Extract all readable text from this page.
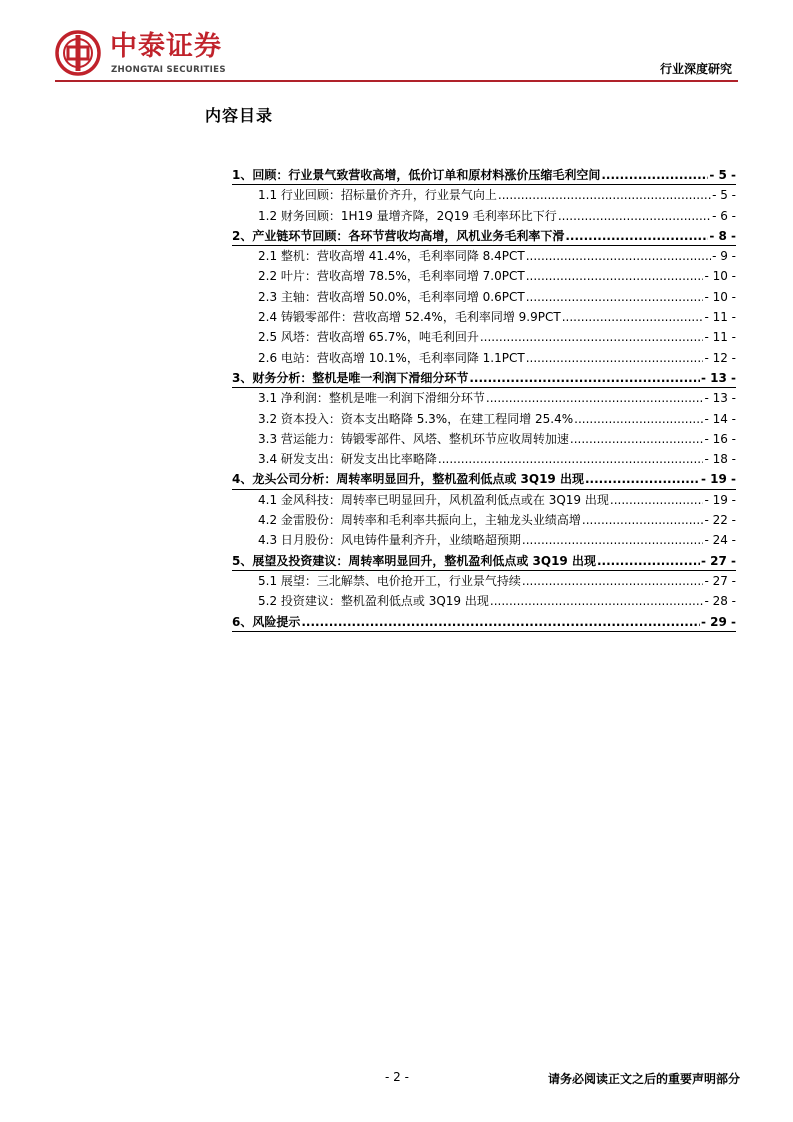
中泰证券
ZHONGTAI SECURITIES	行业深度研究
内容目录
1、回顾：行业景气致营收高增，低价订单和原材料涨价压缩毛利空间 .....	- 5 -
1.1 行业回顾：招标量价齐升，行业景气向上 .....	- 5 -
1.2 财务回顾：1H19 量增齐降，2Q19 毛利率环比下行 .....	- 6 -
2、产业链环节回顾：各环节营收均高增，风机业务毛利率下滑 .....	- 8 -
2.1 整机：营收高增 41.4%，毛利率同降 8.4PCT .....	- 9 -
2.2 叶片：营收高增 78.5%，毛利率同增 7.0PCT .....	- 10 -
2.3 主轴：营收高增 50.0%，毛利率同增 0.6PCT .....	- 10 -
2.4 铸锻零部件：营收高增 52.4%，毛利率同增 9.9PCT .....	- 11 -
2.5 风塔：营收高增 65.7%，吨毛利回升 .....	- 11 -
2.6 电站：营收高增 10.1%，毛利率同降 1.1PCT .....	- 12 -
3、财务分析：整机是唯一利润下滑细分环节 .....	- 13 -
3.1 净利润：整机是唯一利润下滑细分环节 .....	- 13 -
3.2 资本投入：资本支出略降 5.3%，在建工程同增 25.4% .....	- 14 -
3.3 营运能力：铸锻零部件、风塔、整机环节应收周转加速 .....	- 16 -
3.4 研发支出：研发支出比率略降 .....	- 18 -
4、龙头公司分析：周转率明显回升，整机盈利低点或 3Q19 出现 .....	- 19 -
4.1 金风科技：周转率已明显回升，风机盈利低点或在 3Q19 出现 .....	- 19 -
4.2 金雷股份：周转率和毛利率共振向上，主轴龙头业绩高增 .....	- 22 -
4.3 日月股份：风电铸件量利齐升，业绩略超预期 .....	- 24 -
5、展望及投资建议：周转率明显回升，整机盈利低点或 3Q19 出现 .....	- 27 -
5.1 展望：三北解禁、电价抢开工，行业景气持续 .....	- 27 -
5.2 投资建议：整机盈利低点或 3Q19 出现 .....	- 28 -
6、风险提示 .....	- 29 -
- 2 -	请务必阅读正文之后的重要声明部分
